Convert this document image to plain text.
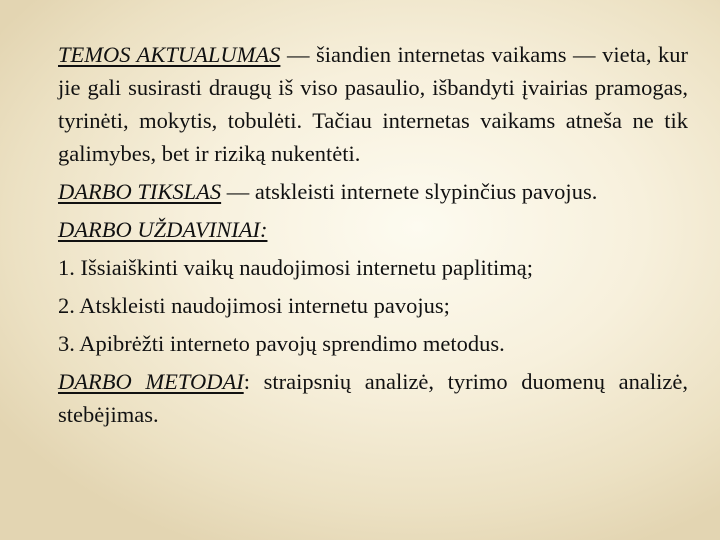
TEMOS AKTUALUMAS — šiandien internetas vaikams — vieta, kur jie gali susirasti draugų iš viso pasaulio, išbandyti įvairias pramogas, tyrinėti, mokytis, tobulėti. Tačiau internetas vaikams atneša ne tik galimybes, bet ir riziką nukentėti.

DARBO TIKSLAS — atskleisti internete slypinčius pavojus.

DARBO UŽDAVINIAI:

1. Išsiaiškinti vaikų naudojimosi internetu paplitimą;

2. Atskleisti naudojimosi internetu pavojus;

3. Apibrėžti interneto pavojų sprendimo metodus.

DARBO METODAI: straipsnių analizė, tyrimo duomenų analizė, stebėjimas.
